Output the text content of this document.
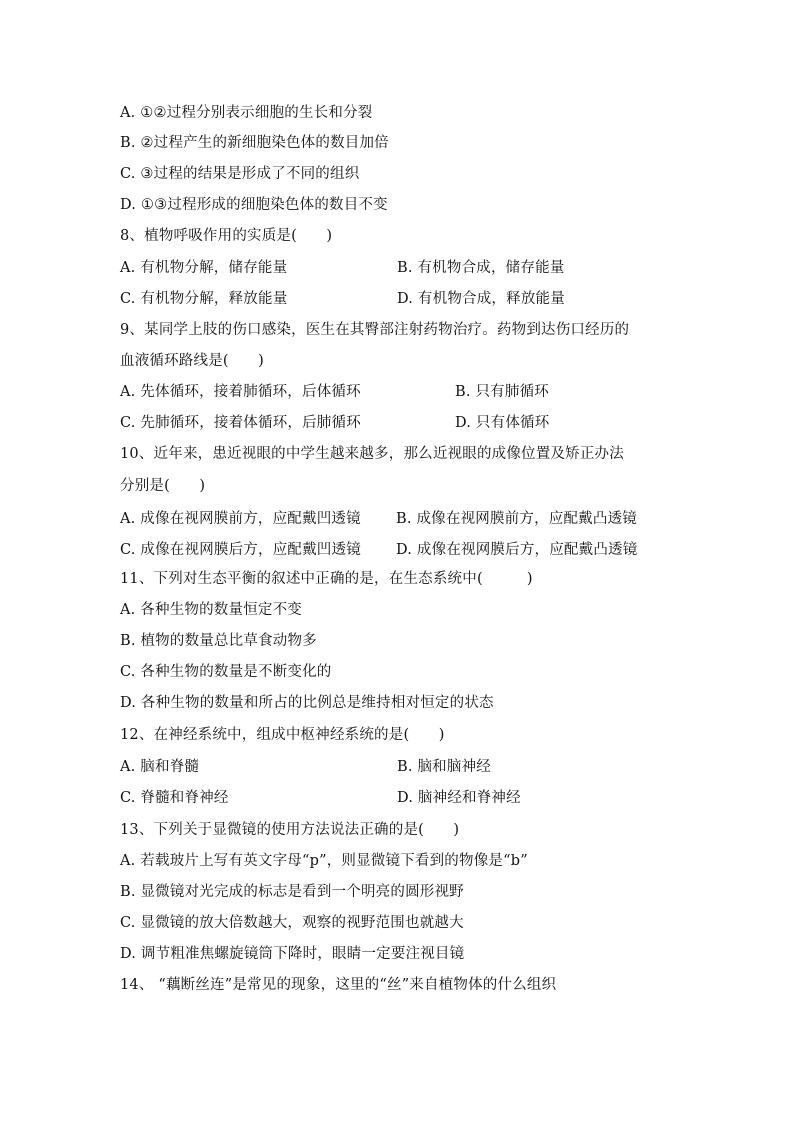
A. ①②过程分别表示细胞的生长和分裂
B. ②过程产生的新细胞染色体的数目加倍
C. ③过程的结果是形成了不同的组织
D. ①③过程形成的细胞染色体的数目不变
8、植物呼吸作用的实质是(　　)
A. 有机物分解，储存能量	B. 有机物合成，储存能量
C. 有机物分解，释放能量	D. 有机物合成，释放能量
9、某同学上肢的伤口感染，医生在其臀部注射药物治疗。药物到达伤口经历的
血液循环路线是(　　)
A. 先体循环，接着肺循环，后体循环	B. 只有肺循环
C. 先肺循环，接着体循环，后肺循环	D. 只有体循环
10、近年来，患近视眼的中学生越来越多，那么近视眼的成像位置及矫正办法
分别是(　　)
A. 成像在视网膜前方，应配戴凹透镜 B. 成像在视网膜前方，应配戴凸透镜
C. 成像在视网膜后方，应配戴凹透镜 D. 成像在视网膜后方，应配戴凸透镜
11、下列对生态平衡的叙述中正确的是，在生态系统中(　　　)
A. 各种生物的数量恒定不变
B. 植物的数量总比草食动物多
C. 各种生物的数量是不断变化的
D. 各种生物的数量和所占的比例总是维持相对恒定的状态
12、在神经系统中，组成中枢神经系统的是(　　)
A. 脑和脊髓	B. 脑和脑神经
C. 脊髓和脊神经	D. 脑神经和脊神经
13、下列关于显微镜的使用方法说法正确的是(　　)
A. 若载玻片上写有英文字母“p”，则显微镜下看到的物像是“b”
B. 显微镜对光完成的标志是看到一个明亮的圆形视野
C. 显微镜的放大倍数越大，观察的视野范围也就越大
D. 调节粗准焦螺旋镜筒下降时，眼睛一定要注视目镜
14、 “藕断丝连”是常见的现象，这里的“丝”来自植物体的什么组织
